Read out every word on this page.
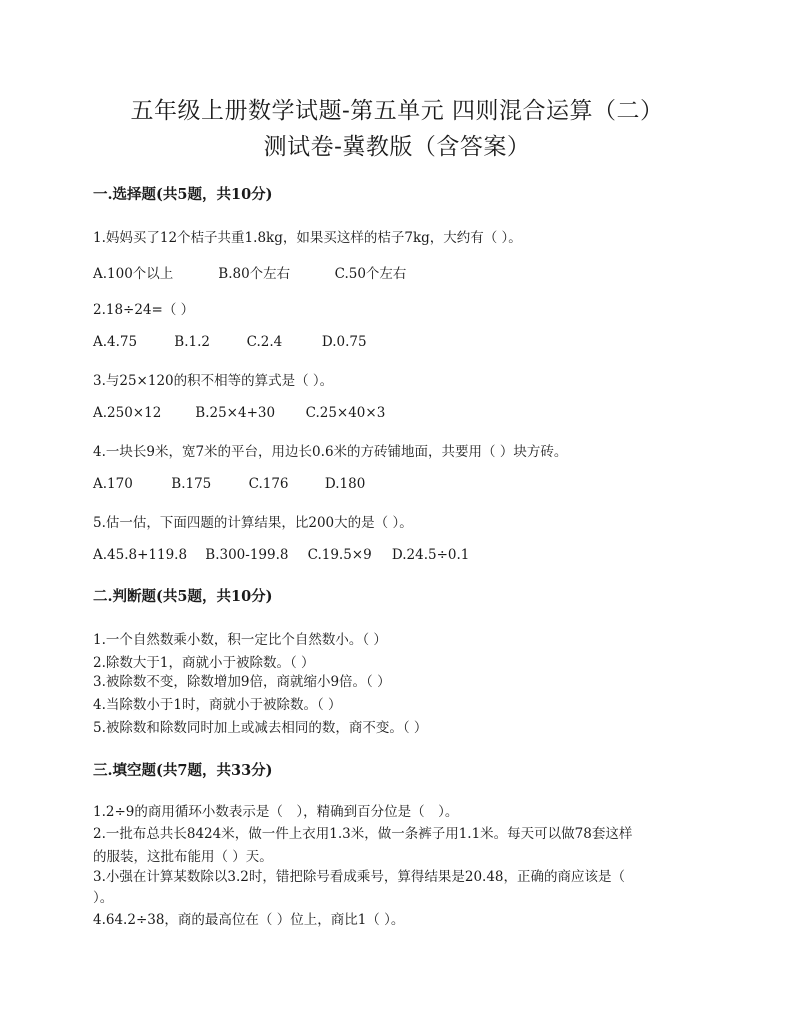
五年级上册数学试题-第五单元 四则混合运算（二）
测试卷-冀教版（含答案）
一.选择题(共5题，共10分)
1.妈妈买了12个桔子共重1.8kg，如果买这样的桔子7kg，大约有（ ）。
A.100个以上	B.80个左右	C.50个左右
2.18÷24=（ ）
A.4.75	B.1.2	C.2.4	D.0.75
3.与25×120的积不相等的算式是（ ）。
A.250×12	B.25×4+30 C.25×40×3
4.一块长9米，宽7米的平台，用边长0.6米的方砖铺地面，共要用（ ）块方砖。
A.170	B.175	C.176	D.180
5.估一估，下面四题的计算结果，比200大的是（ ）。
A.45.8+119.8 B.300-199.8 C.19.5×9 D.24.5÷0.1
二.判断题(共5题，共10分)
1.一个自然数乘小数，积一定比个自然数小。（ ）
2.除数大于1，商就小于被除数。（ ）
3.被除数不变，除数增加9倍，商就缩小9倍。（ ）
4.当除数小于1时，商就小于被除数。（ ）
5.被除数和除数同时加上或减去相同的数，商不变。（ ）
三.填空题(共7题，共33分)
1.2÷9的商用循环小数表示是（　），精确到百分位是（　）。
2.一批布总共长8424米，做一件上衣用1.3米，做一条裤子用1.1米。每天可以做78套这样
的服装，这批布能用（ ）天。
3.小强在计算某数除以3.2时，错把除号看成乘号，算得结果是20.48，正确的商应该是（
）。
4.64.2÷38，商的最高位在（ ）位上，商比1（ ）。
